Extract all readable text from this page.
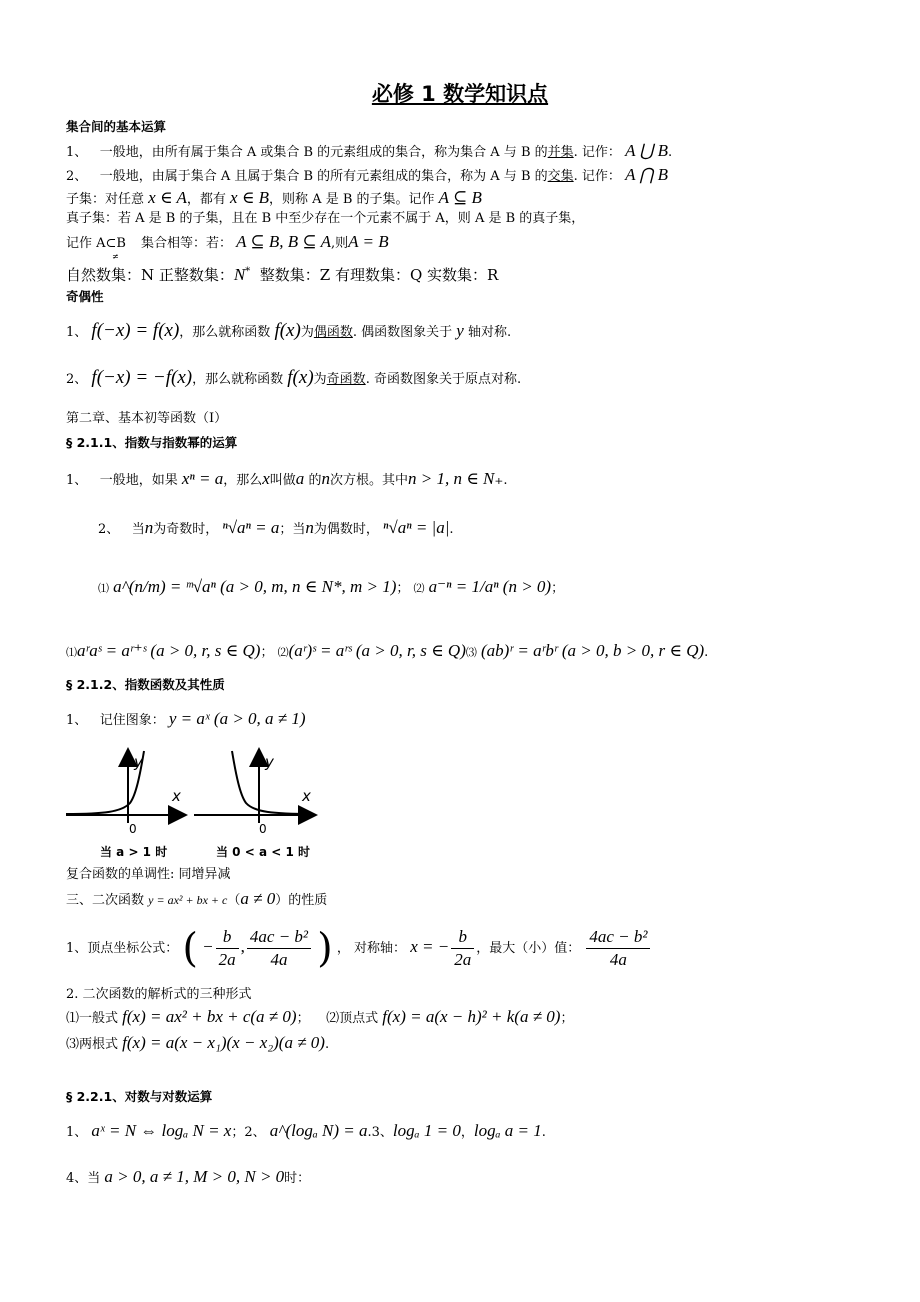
必修 1 数学知识点
集合间的基本运算
1、 一般地，由所有属于集合 A 或集合 B 的元素组成的集合，称为集合 A 与 B 的并集. 记作： A ⋃ B.
2、 一般地，由属于集合 A 且属于集合 B 的所有元素组成的集合，称为 A 与 B 的交集. 记作： A ⋂ B
子集：对任意 x ∈ A，都有 x ∈ B，则称 A 是 B 的子集。记作 A ⊆ B
真子集：若 A 是 B 的子集，且在 B 中至少存在一个元素不属于 A，则 A 是 B 的真子集，
记作 $A\subset B_\ne$  集合相等：若： A ⊆ B, B ⊆ A,则A = B
自然数集：N 正整数集：N* 整数集：Z 有理数集：Q 实数集：R
奇偶性
1、 f(−x) = f(x)，那么就称函数 f(x)为偶函数. 偶函数图象关于 y 轴对称.
2、 f(−x) = −f(x)，那么就称函数 f(x)为奇函数. 奇函数图象关于原点对称.
第二章、基本初等函数（Ⅰ）
§ 2.1.1、指数与指数幂的运算
1、 一般地，如果 xⁿ = a，那么x叫做a 的n次方根。其中n > 1, n ∈ N₊.
2、 当n为奇数时， ⁿ√aⁿ = a；当n为偶数时， ⁿ√aⁿ = |a|.
⑴ a^(n/m) = ᵐ√aⁿ (a > 0, m, n ∈ N*, m > 1)； ⑵ a⁻ⁿ = 1/aⁿ (n > 0)；
⑴aʳaˢ = aʳ⁺ˢ (a > 0, r, s ∈ Q)； ⑵(aʳ)ˢ = aʳˢ (a > 0, r, s ∈ Q)⑶ (ab)ʳ = aʳbʳ (a > 0, b > 0, r ∈ Q).
§ 2.1.2、指数函数及其性质
1、 记住图象： y = aˣ (a > 0, a ≠ 1)
y
x
0
当 a > 1 时
y
x
0
当 0 < a < 1 时
复合函数的单调性: 同增异减
三、二次函数 y = ax² + bx + c（a ≠ 0）的性质
1、顶点坐标公式： ( − $\frac{b}{2a}$ , $\frac{\text{4ac − b²}}{4a}$ ) ， 对称轴： x = − $\frac{b}{2a}$ ，最大（小）值： $\frac{\text{4ac − b²}}{4a}$
2. 二次函数的解析式的三种形式
⑴一般式 f(x) = ax² + bx + c(a ≠ 0)； ⑵顶点式 f(x) = a(x − h)² + k(a ≠ 0)；
⑶两根式 f(x) = a(x − x₁)(x − x₂)(a ≠ 0).
§ 2.2.1、对数与对数运算
1、 aˣ = N ⇔ logₐ N = x；2、 a^(logₐ N) = a.3、logₐ 1 = 0，logₐ a = 1.
4、当 a > 0, a ≠ 1, M > 0, N > 0时：
